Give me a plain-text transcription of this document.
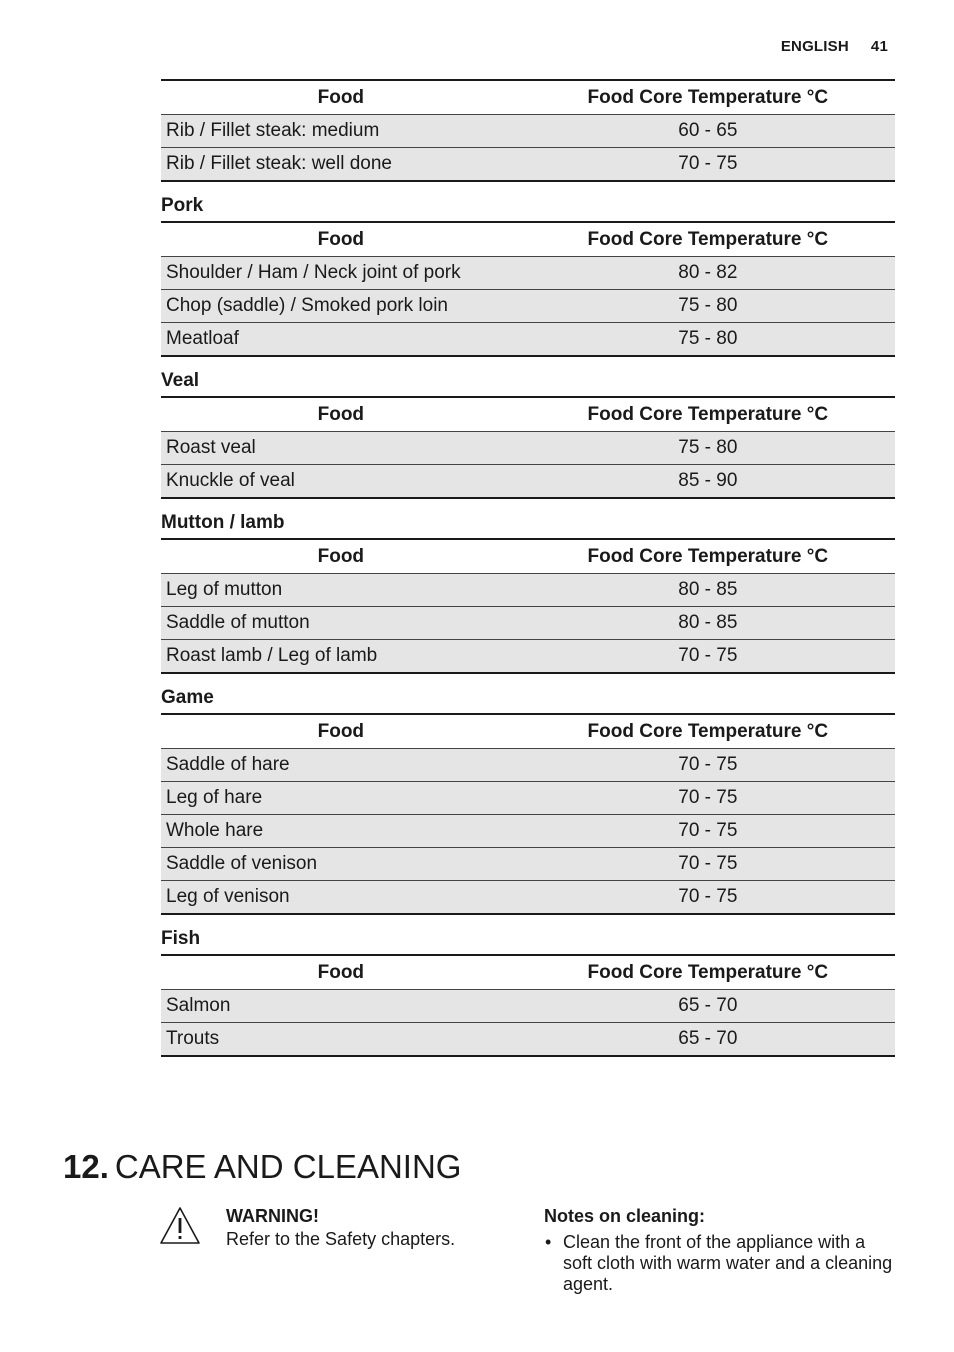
ENGLISH 41
Food	Food Core Temperature °C
Rib / Fillet steak: medium	60 - 65
Rib / Fillet steak: well done	70 - 75
Pork
Food	Food Core Temperature °C
Shoulder / Ham / Neck joint of pork	80 - 82
Chop (saddle) / Smoked pork loin	75 - 80
Meatloaf	75 - 80
Veal
Food	Food Core Temperature °C
Roast veal	75 - 80
Knuckle of veal	85 - 90
Mutton / lamb
Food	Food Core Temperature °C
Leg of mutton	80 - 85
Saddle of mutton	80 - 85
Roast lamb / Leg of lamb	70 - 75
Game
Food	Food Core Temperature °C
Saddle of hare	70 - 75
Leg of hare	70 - 75
Whole hare	70 - 75
Saddle of venison	70 - 75
Leg of venison	70 - 75
Fish
Food	Food Core Temperature °C
Salmon	65 - 70
Trouts	65 - 70
12. CARE AND CLEANING
WARNING!
Refer to the Safety chapters.
Notes on cleaning:
• Clean the front of the appliance with a soft cloth with warm water and a cleaning agent.
